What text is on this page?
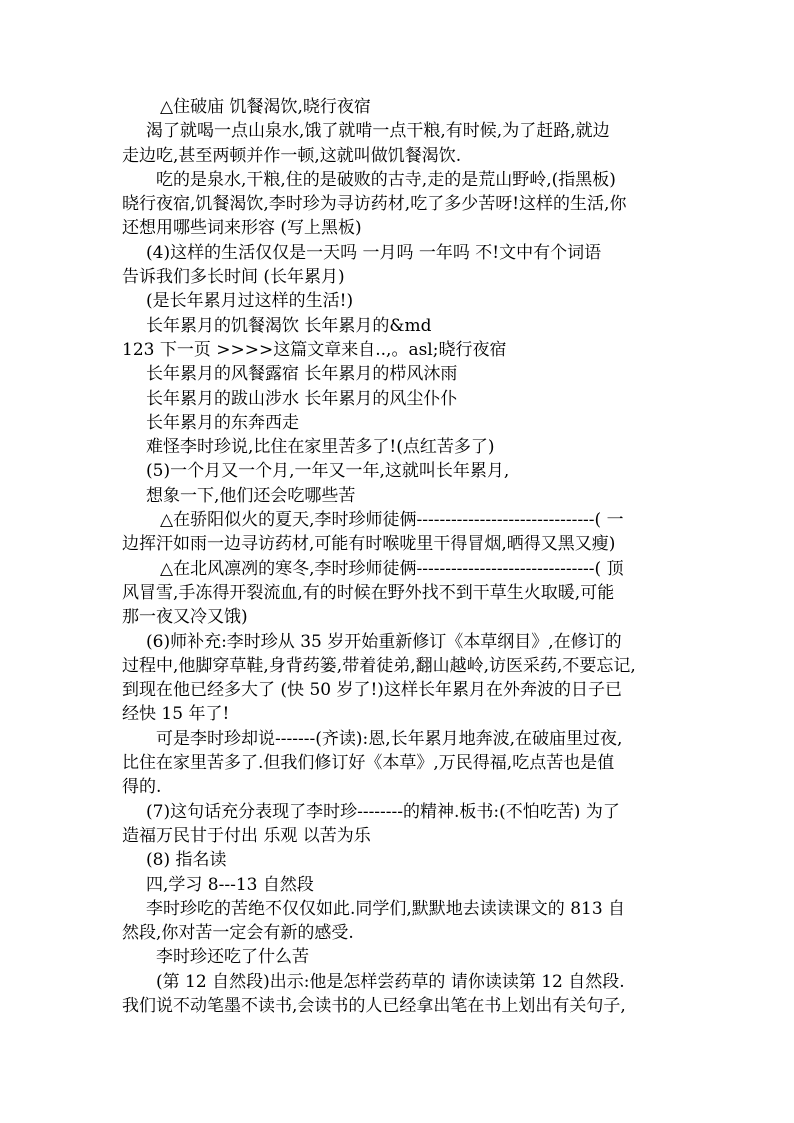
△住破庙 饥餐渴饮,晓行夜宿
渴了就喝一点山泉水,饿了就啃一点干粮,有时候,为了赶路,就边
走边吃,甚至两顿并作一顿,这就叫做饥餐渴饮.
吃的是泉水,干粮,住的是破败的古寺,走的是荒山野岭,(指黑板)
晓行夜宿,饥餐渴饮,李时珍为寻访药材,吃了多少苦呀!这样的生活,你
还想用哪些词来形容 (写上黑板)
(4)这样的生活仅仅是一天吗 一月吗 一年吗 不!文中有个词语
告诉我们多长时间 (长年累月)
(是长年累月过这样的生活!)
长年累月的饥餐渴饮 长年累月的&md
123 下一页 >>>>这篇文章来自..,。asl;晓行夜宿
长年累月的风餐露宿 长年累月的栉风沐雨
长年累月的跋山涉水 长年累月的风尘仆仆
长年累月的东奔西走
难怪李时珍说,比住在家里苦多了!(点红苦多了)
(5)一个月又一个月,一年又一年,这就叫长年累月,
想象一下,他们还会吃哪些苦
△在骄阳似火的夏天,李时珍师徒俩-------------------------------( 一
边挥汗如雨一边寻访药材,可能有时喉咙里干得冒烟,晒得又黑又瘦)
△在北风凛冽的寒冬,李时珍师徒俩-------------------------------( 顶
风冒雪,手冻得开裂流血,有的时候在野外找不到干草生火取暖,可能
那一夜又冷又饿)
(6)师补充:李时珍从 35 岁开始重新修订《本草纲目》,在修订的
过程中,他脚穿草鞋,身背药篓,带着徒弟,翻山越岭,访医采药,不要忘记,
到现在他已经多大了 (快 50 岁了!)这样长年累月在外奔波的日子已
经快 15 年了!
可是李时珍却说-------(齐读):恩,长年累月地奔波,在破庙里过夜,
比住在家里苦多了.但我们修订好《本草》,万民得福,吃点苦也是值
得的.
(7)这句话充分表现了李时珍--------的精神.板书:(不怕吃苦) 为了
造福万民甘于付出 乐观 以苦为乐
(8) 指名读
四,学习 8---13 自然段
李时珍吃的苦绝不仅仅如此.同学们,默默地去读读课文的 813 自
然段,你对苦一定会有新的感受.
李时珍还吃了什么苦
(第 12 自然段)出示:他是怎样尝药草的 请你读读第 12 自然段.
我们说不动笔墨不读书,会读书的人已经拿出笔在书上划出有关句子,
